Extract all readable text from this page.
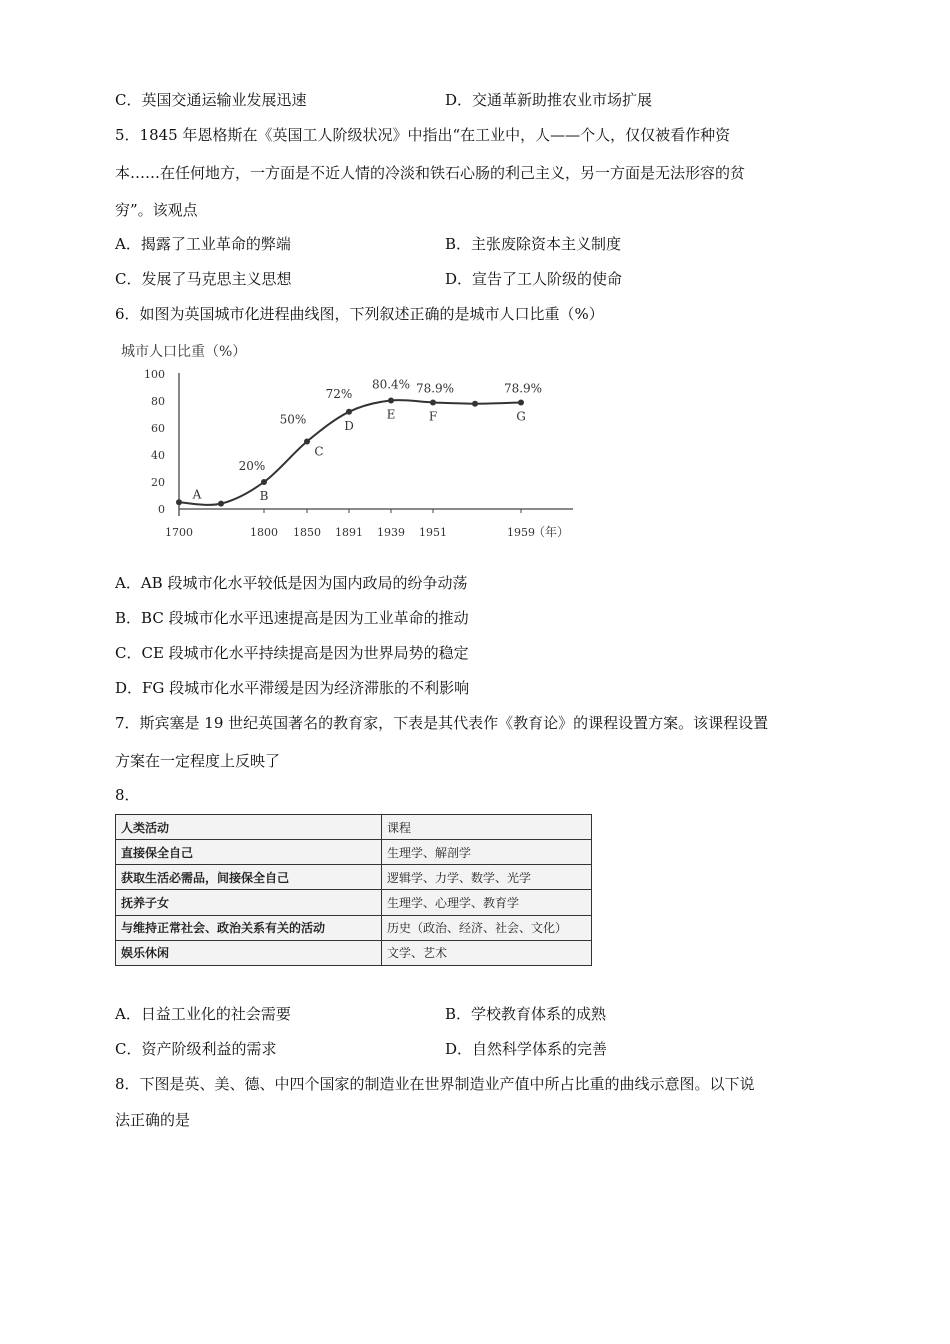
C．英国交通运输业发展迅速	D．交通革新助推农业市场扩展
5．1845 年恩格斯在《英国工人阶级状况》中指出“在工业中，人——个人，仅仅被看作种资
本……在任何地方，一方面是不近人情的冷淡和铁石心肠的利己主义，另一方面是无法形容的贫
穷”。该观点
A．揭露了工业革命的弊端	B．主张废除资本主义制度
C．发展了马克思主义思想	D．宣告了工人阶级的使命
6．如图为英国城市化进程曲线图，下列叙述正确的是城市人口比重（%）
城市人口比重（%）
（年）
0
20
40
60
80
100
1700	1800 1850 1891 1939 1951	1959
A	B
20%
C
50%	D
72%
E
80.4%
F
78.9%
G
78.9%
A．AB 段城市化水平较低是因为国内政局的纷争动荡
B．BC 段城市化水平迅速提高是因为工业革命的推动
C．CE 段城市化水平持续提高是因为世界局势的稳定
D．FG 段城市化水平滞缓是因为经济滞胀的不利影响
7．斯宾塞是 19 世纪英国著名的教育家，下表是其代表作《教育论》的课程设置方案。该课程设置
方案在一定程度上反映了
8．
人类活动	课程
直接保全自己	生理学、解剖学
获取生活必需品，间接保全自己	逻辑学、力学、数学、光学
抚养子女	生理学、心理学、教育学
与维持正常社会、政治关系有关的活动	历史（政治、经济、社会、文化）
娱乐休闲	文学、艺术
A．日益工业化的社会需要	B．学校教育体系的成熟
C．资产阶级利益的需求	D．自然科学体系的完善
8．下图是英、美、德、中四个国家的制造业在世界制造业产值中所占比重的曲线示意图。以下说
法正确的是
